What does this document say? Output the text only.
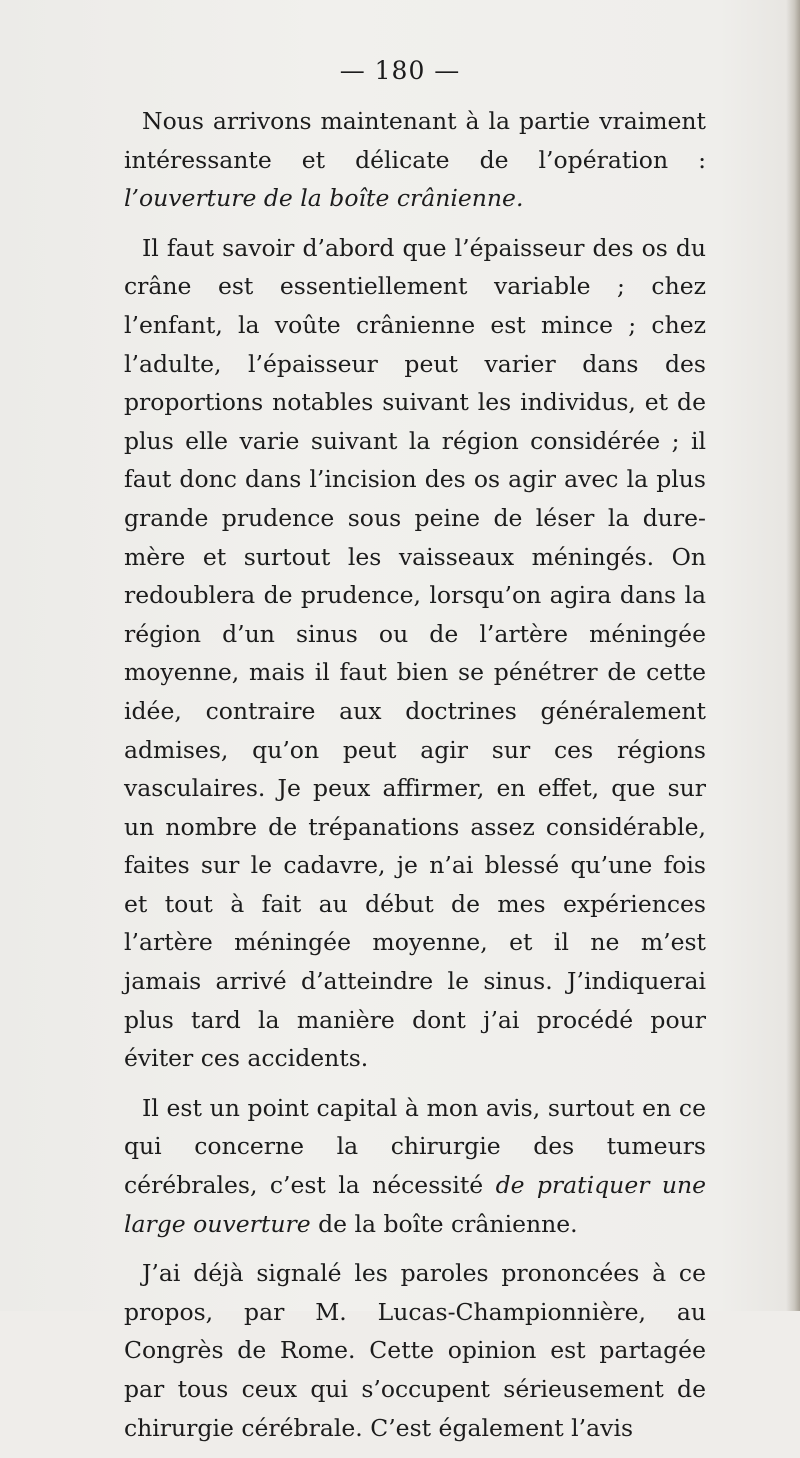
— 180 —

Nous arrivons maintenant à la partie vraiment intéressante et délicate de l’opération : l’ouverture de la boîte crânienne.

Il faut savoir d’abord que l’épaisseur des os du crâne est essentiellement variable ; chez l’enfant, la voûte crânienne est mince ; chez l’adulte, l’épaisseur peut varier dans des proportions notables suivant les individus, et de plus elle varie suivant la région considérée ; il faut donc dans l’incision des os agir avec la plus grande prudence sous peine de léser la dure-mère et surtout les vaisseaux méningés. On redoublera de prudence, lorsqu’on agira dans la région d’un sinus ou de l’artère méningée moyenne, mais il faut bien se pénétrer de cette idée, contraire aux doctrines généralement admises, qu’on peut agir sur ces régions vasculaires. Je peux affirmer, en effet, que sur un nombre de trépanations assez considérable, faites sur le cadavre, je n’ai blessé qu’une fois et tout à fait au début de mes expériences l’artère méningée moyenne, et il ne m’est jamais arrivé d’atteindre le sinus. J’indiquerai plus tard la manière dont j’ai procédé pour éviter ces accidents.

Il est un point capital à mon avis, surtout en ce qui concerne la chirurgie des tumeurs cérébrales, c’est la nécessité de pratiquer une large ouverture de la boîte crânienne.

J’ai déjà signalé les paroles prononcées à ce propos, par M. Lucas-Championnière, au Congrès de Rome. Cette opinion est partagée par tous ceux qui s’occupent sérieusement de chirurgie cérébrale. C’est également l’avis
